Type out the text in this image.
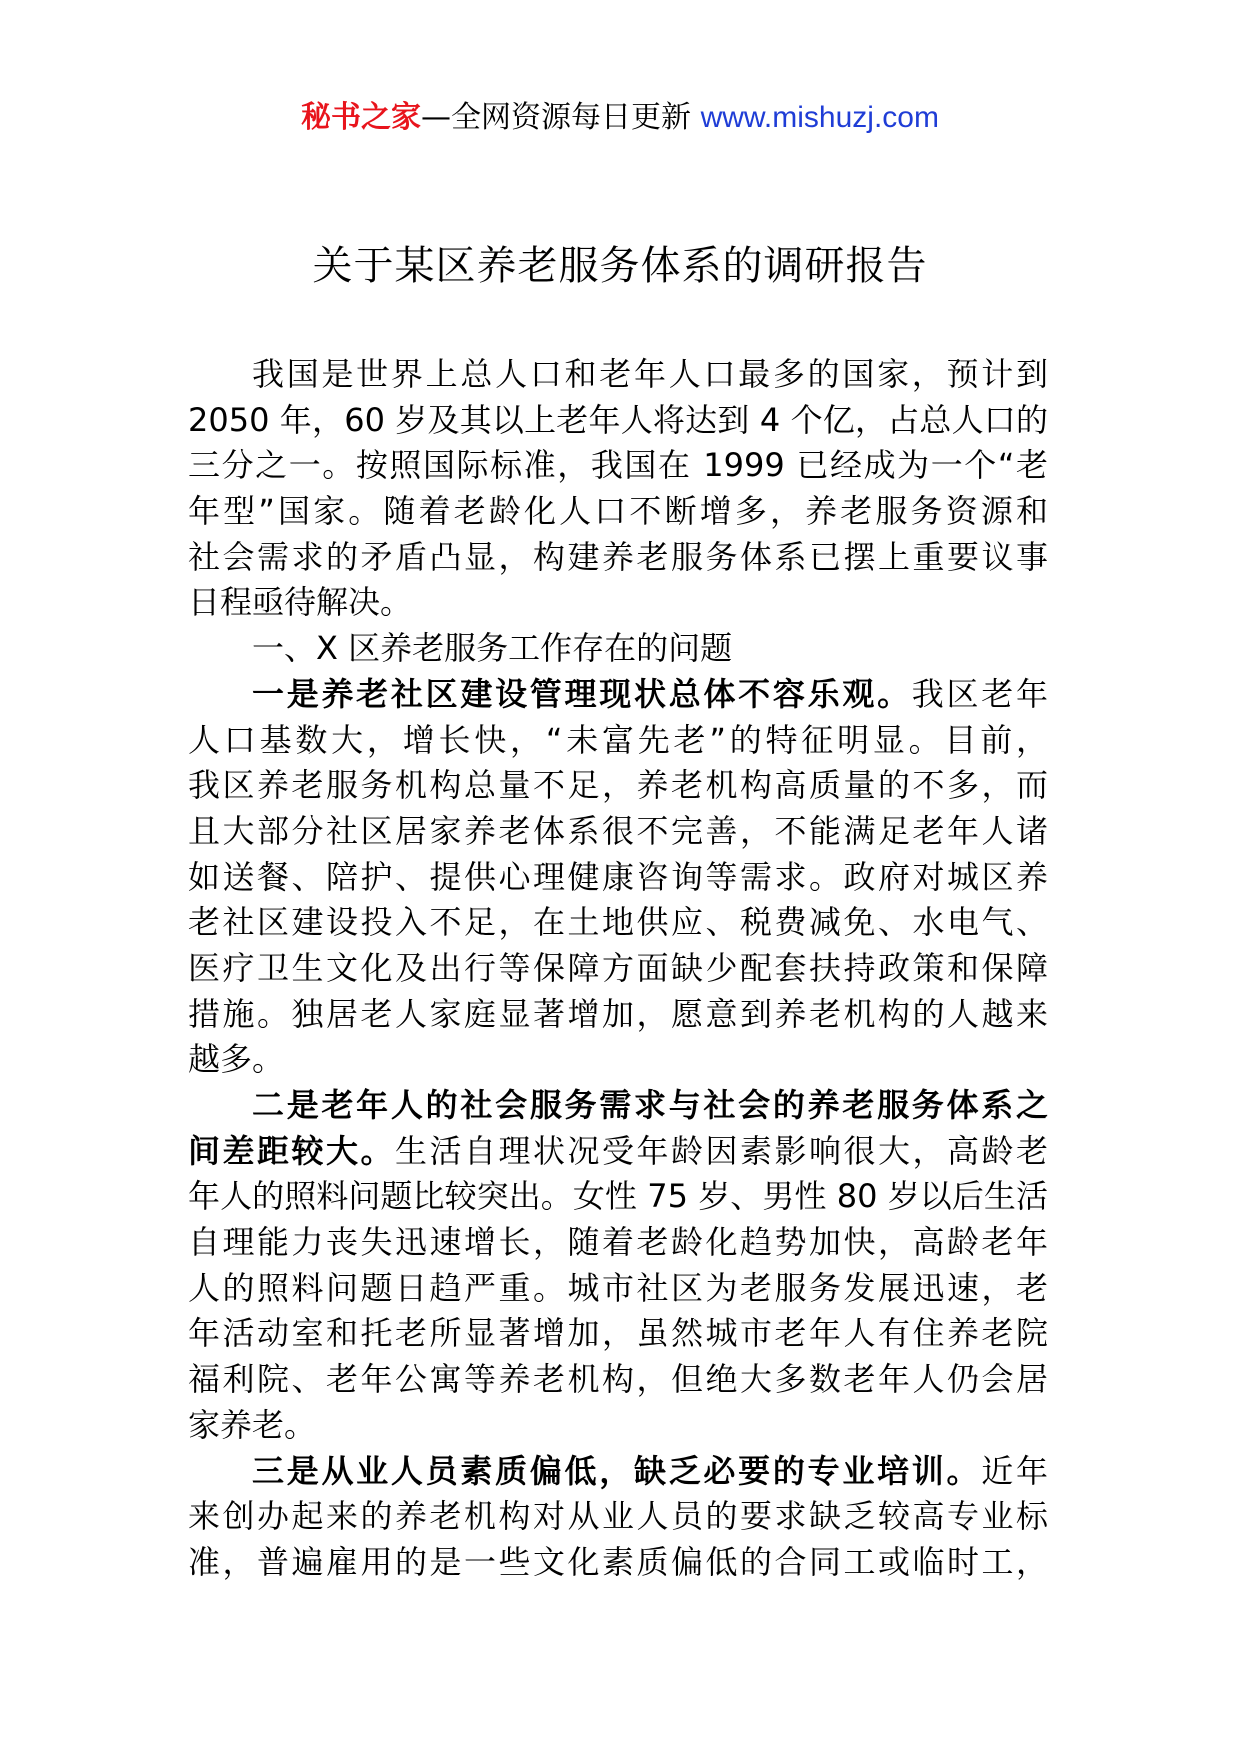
秘书之家—全网资源每日更新 www.mishuzj.com
关于某区养老服务体系的调研报告
我国是世界上总人口和老年人口最多的国家，预计到
2050 年，60 岁及其以上老年人将达到 4 个亿，占总人口的
三分之一。按照国际标准，我国在 1999 已经成为一个“老
年型”国家。随着老龄化人口不断增多，养老服务资源和
社会需求的矛盾凸显，构建养老服务体系已摆上重要议事
日程亟待解决。
一、X 区养老服务工作存在的问题
一是养老社区建设管理现状总体不容乐观。我区老年
人口基数大，增长快，“未富先老”的特征明显。目前，
我区养老服务机构总量不足，养老机构高质量的不多，而
且大部分社区居家养老体系很不完善，不能满足老年人诸
如送餐、陪护、提供心理健康咨询等需求。政府对城区养
老社区建设投入不足，在土地供应、税费减免、水电气、
医疗卫生文化及出行等保障方面缺少配套扶持政策和保障
措施。独居老人家庭显著增加，愿意到养老机构的人越来
越多。
二是老年人的社会服务需求与社会的养老服务体系之
间差距较大。生活自理状况受年龄因素影响很大，高龄老
年人的照料问题比较突出。女性 75 岁、男性 80 岁以后生活
自理能力丧失迅速增长，随着老龄化趋势加快，高龄老年
人的照料问题日趋严重。城市社区为老服务发展迅速，老
年活动室和托老所显著增加，虽然城市老年人有住养老院
福利院、老年公寓等养老机构，但绝大多数老年人仍会居
家养老。
三是从业人员素质偏低，缺乏必要的专业培训。近年
来创办起来的养老机构对从业人员的要求缺乏较高专业标
准，普遍雇用的是一些文化素质偏低的合同工或临时工，
